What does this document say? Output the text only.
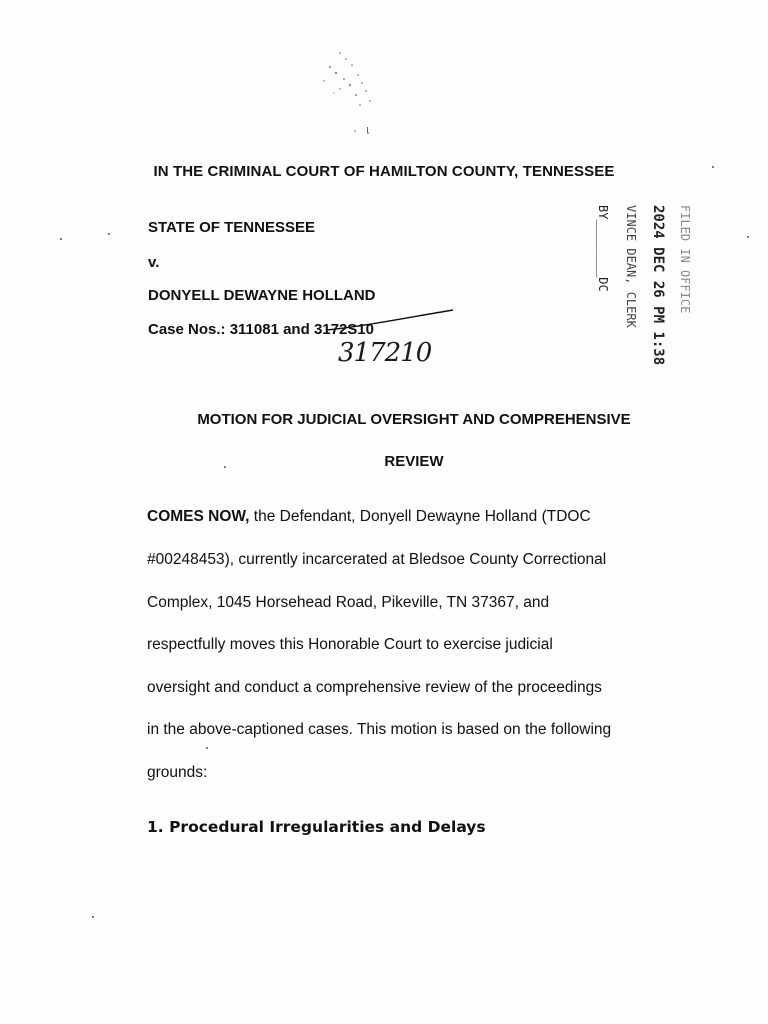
IN THE CRIMINAL COURT OF HAMILTON COUNTY, TENNESSEE
STATE OF TENNESSEE
v.
DONYELL DEWAYNE HOLLAND
Case Nos.: 311081 and 3172S10
317210
FILED IN OFFICE
2024 DEC 26 PM 1:38
VINCE DEAN, CLERK
BY________DC
MOTION FOR JUDICIAL OVERSIGHT AND COMPREHENSIVE
REVIEW
COMES NOW, the Defendant, Donyell Dewayne Holland (TDOC
#00248453), currently incarcerated at Bledsoe County Correctional
Complex, 1045 Horsehead Road, Pikeville, TN 37367, and
respectfully moves this Honorable Court to exercise judicial
oversight and conduct a comprehensive review of the proceedings
in the above-captioned cases. This motion is based on the following
grounds:
1. Procedural Irregularities and Delays
